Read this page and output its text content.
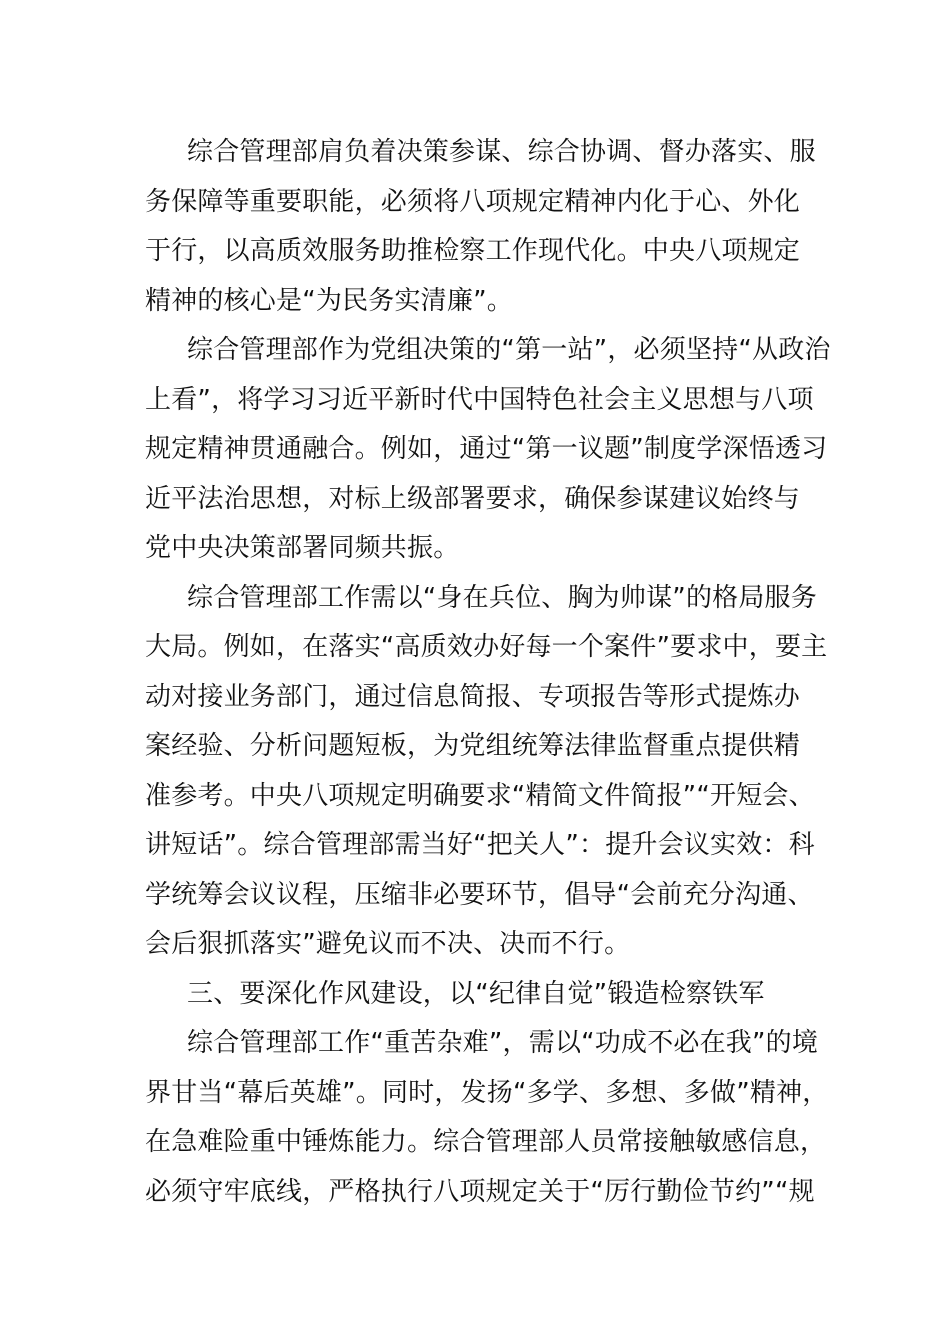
综合管理部肩负着决策参谋、综合协调、督办落实、服
务保障等重要职能，必须将八项规定精神内化于心、外化
于行，以高质效服务助推检察工作现代化。中央八项规定
精神的核心是“为民务实清廉”。
综合管理部作为党组决策的“第一站”，必须坚持“从政治
上看”，将学习习近平新时代中国特色社会主义思想与八项
规定精神贯通融合。例如，通过“第一议题”制度学深悟透习
近平法治思想，对标上级部署要求，确保参谋建议始终与
党中央决策部署同频共振。
综合管理部工作需以“身在兵位、胸为帅谋”的格局服务
大局。例如，在落实“高质效办好每一个案件”要求中，要主
动对接业务部门，通过信息简报、专项报告等形式提炼办
案经验、分析问题短板，为党组统筹法律监督重点提供精
准参考。中央八项规定明确要求“精简文件简报”“开短会、
讲短话”。综合管理部需当好“把关人”：提升会议实效：科
学统筹会议议程，压缩非必要环节，倡导“会前充分沟通、
会后狠抓落实”避免议而不决、决而不行。
三、要深化作风建设，以“纪律自觉”锻造检察铁军
综合管理部工作“重苦杂难”，需以“功成不必在我”的境
界甘当“幕后英雄”。同时，发扬“多学、多想、多做”精神，
在急难险重中锤炼能力。综合管理部人员常接触敏感信息，
必须守牢底线，严格执行八项规定关于“厉行勤俭节约”“规
